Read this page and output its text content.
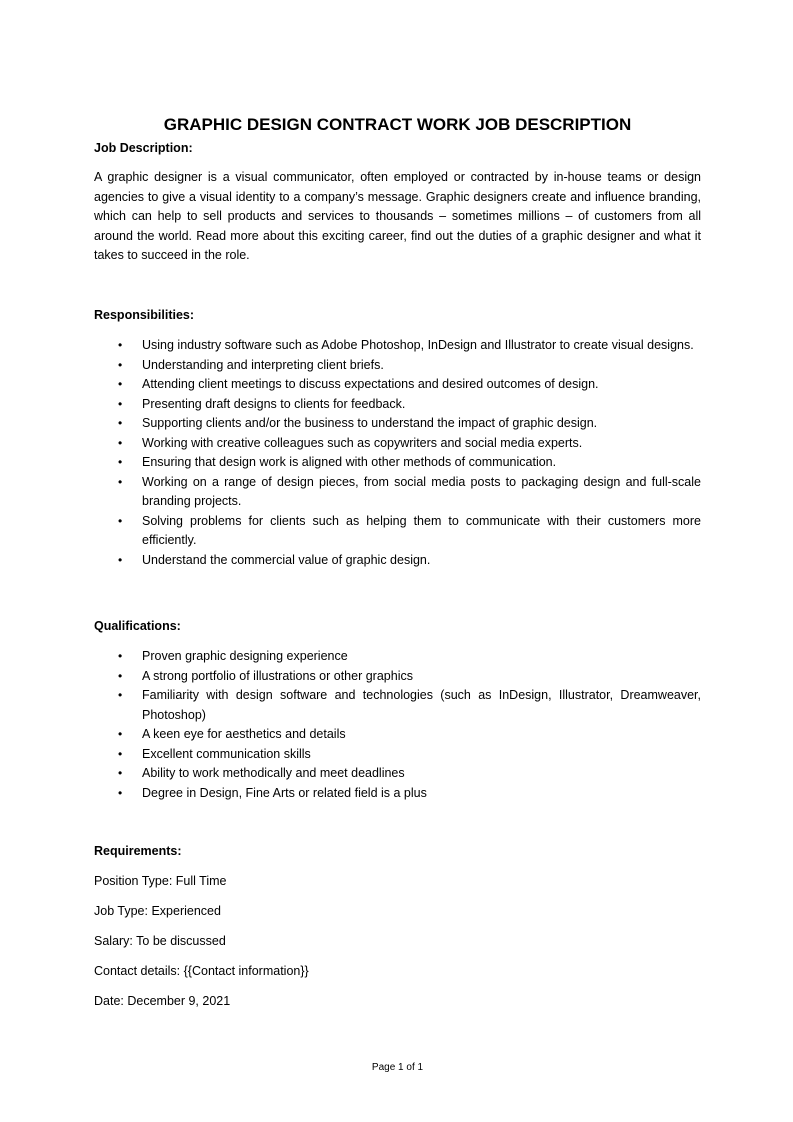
GRAPHIC DESIGN CONTRACT WORK JOB DESCRIPTION

Job Description:

A graphic designer is a visual communicator, often employed or contracted by in-house teams or design agencies to give a visual identity to a company’s message. Graphic designers create and influence branding, which can help to sell products and services to thousands – sometimes millions – of customers from all around the world. Read more about this exciting career, find out the duties of a graphic designer and what it takes to succeed in the role.

Responsibilities:

• Using industry software such as Adobe Photoshop, InDesign and Illustrator to create visual designs.
• Understanding and interpreting client briefs.
• Attending client meetings to discuss expectations and desired outcomes of design.
• Presenting draft designs to clients for feedback.
• Supporting clients and/or the business to understand the impact of graphic design.
• Working with creative colleagues such as copywriters and social media experts.
• Ensuring that design work is aligned with other methods of communication.
• Working on a range of design pieces, from social media posts to packaging design and full-scale branding projects.
• Solving problems for clients such as helping them to communicate with their customers more efficiently.
• Understand the commercial value of graphic design.

Qualifications:

• Proven graphic designing experience
• A strong portfolio of illustrations or other graphics
• Familiarity with design software and technologies (such as InDesign, Illustrator, Dreamweaver, Photoshop)
• A keen eye for aesthetics and details
• Excellent communication skills
• Ability to work methodically and meet deadlines
• Degree in Design, Fine Arts or related field is a plus

Requirements:

Position Type: Full Time

Job Type: Experienced

Salary: To be discussed

Contact details: {{Contact information}}

Date: December 9, 2021

Page 1 of 1
